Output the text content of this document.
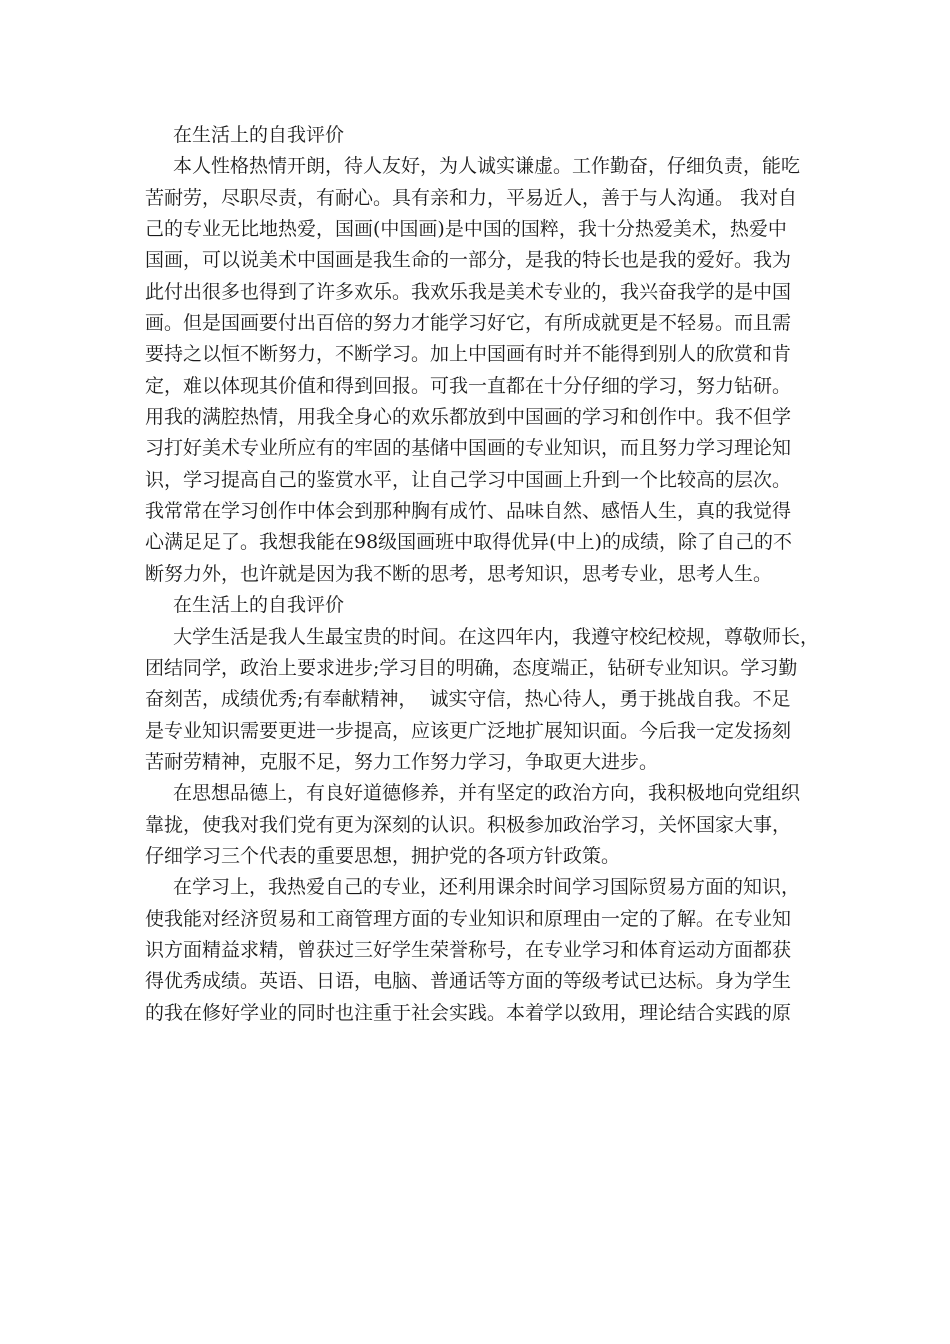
在生活上的自我评价
本人性格热情开朗，待人友好，为人诚实谦虚。工作勤奋，仔细负责，能吃
苦耐劳，尽职尽责，有耐心。具有亲和力，平易近人，善于与人沟通。 我对自
己的专业无比地热爱，国画(中国画)是中国的国粹，我十分热爱美术，热爱中
国画，可以说美术中国画是我生命的一部分，是我的特长也是我的爱好。我为
此付出很多也得到了许多欢乐。我欢乐我是美术专业的，我兴奋我学的是中国
画。但是国画要付出百倍的努力才能学习好它，有所成就更是不轻易。而且需
要持之以恒不断努力，不断学习。加上中国画有时并不能得到别人的欣赏和肯
定，难以体现其价值和得到回报。可我一直都在十分仔细的学习，努力钻研。
用我的满腔热情，用我全身心的欢乐都放到中国画的学习和创作中。我不但学
习打好美术专业所应有的牢固的基储中国画的专业知识，而且努力学习理论知
识，学习提高自己的鉴赏水平，让自己学习中国画上升到一个比较高的层次。
我常常在学习创作中体会到那种胸有成竹、品味自然、感悟人生，真的我觉得
心满足足了。我想我能在98级国画班中取得优异(中上)的成绩，除了自己的不
断努力外，也许就是因为我不断的思考，思考知识，思考专业，思考人生。
在生活上的自我评价
大学生活是我人生最宝贵的时间。在这四年内，我遵守校纪校规，尊敬师长，
团结同学，政治上要求进步;学习目的明确，态度端正，钻研专业知识。学习勤
奋刻苦，成绩优秀;有奉献精神，  诚实守信，热心待人，勇于挑战自我。不足
是专业知识需要更进一步提高，应该更广泛地扩展知识面。今后我一定发扬刻
苦耐劳精神，克服不足，努力工作努力学习，争取更大进步。
在思想品德上，有良好道德修养，并有坚定的政治方向，我积极地向党组织
靠拢，使我对我们党有更为深刻的认识。积极参加政治学习，关怀国家大事，
仔细学习三个代表的重要思想，拥护党的各项方针政策。
在学习上，我热爱自己的专业，还利用课余时间学习国际贸易方面的知识，
使我能对经济贸易和工商管理方面的专业知识和原理由一定的了解。在专业知
识方面精益求精，曾获过三好学生荣誉称号，在专业学习和体育运动方面都获
得优秀成绩。英语、日语，电脑、普通话等方面的等级考试已达标。身为学生
的我在修好学业的同时也注重于社会实践。本着学以致用，理论结合实践的原
